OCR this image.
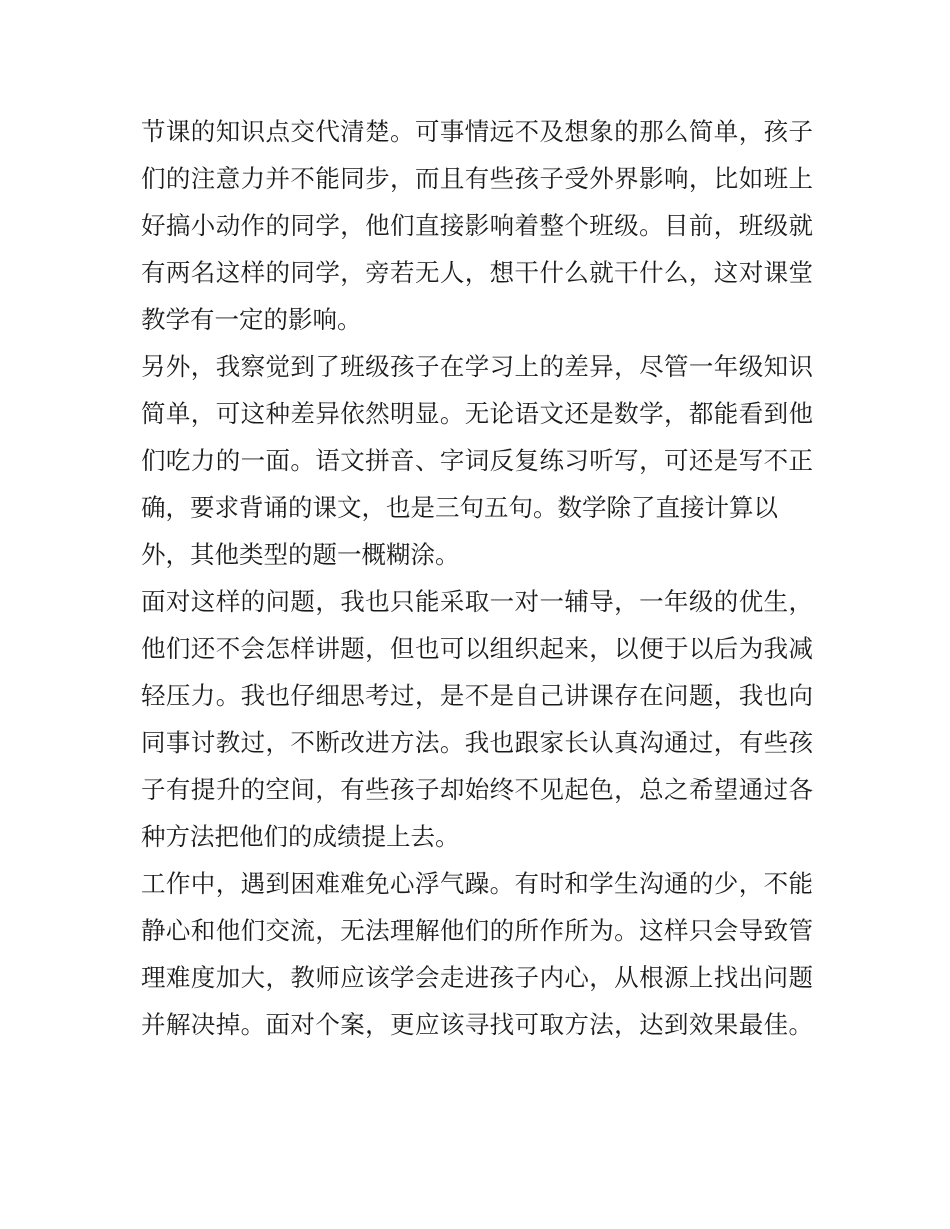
节课的知识点交代清楚。可事情远不及想象的那么简单，孩子
们的注意力并不能同步，而且有些孩子受外界影响，比如班上
好搞小动作的同学，他们直接影响着整个班级。目前，班级就
有两名这样的同学，旁若无人，想干什么就干什么，这对课堂
教学有一定的影响。
另外，我察觉到了班级孩子在学习上的差异，尽管一年级知识
简单，可这种差异依然明显。无论语文还是数学，都能看到他
们吃力的一面。语文拼音、字词反复练习听写，可还是写不正
确，要求背诵的课文，也是三句五句。数学除了直接计算以
外，其他类型的题一概糊涂。
面对这样的问题，我也只能采取一对一辅导，一年级的优生，
他们还不会怎样讲题，但也可以组织起来，以便于以后为我减
轻压力。我也仔细思考过，是不是自己讲课存在问题，我也向
同事讨教过，不断改进方法。我也跟家长认真沟通过，有些孩
子有提升的空间，有些孩子却始终不见起色，总之希望通过各
种方法把他们的成绩提上去。
工作中，遇到困难难免心浮气躁。有时和学生沟通的少，不能
静心和他们交流，无法理解他们的所作所为。这样只会导致管
理难度加大，教师应该学会走进孩子内心，从根源上找出问题
并解决掉。面对个案，更应该寻找可取方法，达到效果最佳。
